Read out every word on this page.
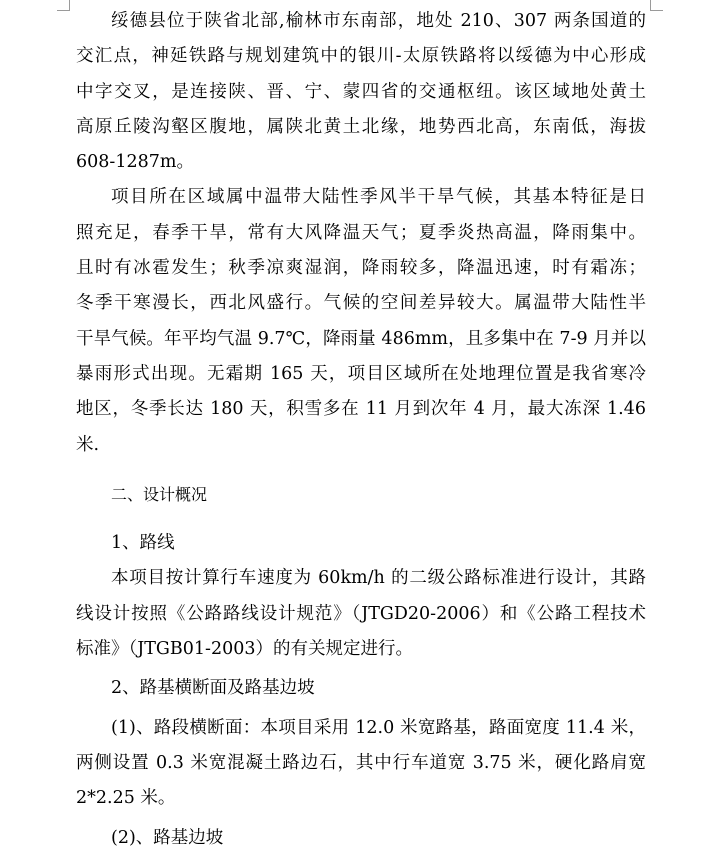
绥德县位于陕省北部,榆林市东南部，地处 210、307 两条国道的
交汇点，神延铁路与规划建筑中的银川-太原铁路将以绥德为中心形成
中字交叉，是连接陕、晋、宁、蒙四省的交通枢纽。该区域地处黄土
高原丘陵沟壑区腹地，属陕北黄土北缘，地势西北高，东南低，海拔
608-1287m。
项目所在区域属中温带大陆性季风半干旱气候，其基本特征是日
照充足，春季干旱，常有大风降温天气；夏季炎热高温，降雨集中。
且时有冰雹发生；秋季凉爽湿润，降雨较多，降温迅速，时有霜冻；
冬季干寒漫长，西北风盛行。气候的空间差异较大。属温带大陆性半
干旱气候。年平均气温 9.7℃，降雨量 486mm，且多集中在 7-9 月并以
暴雨形式出现。无霜期 165 天，项目区域所在处地理位置是我省寒冷
地区，冬季长达 180 天，积雪多在 11 月到次年 4 月，最大冻深 1.46
米.
二、设计概况
1、路线
本项目按计算行车速度为 60km/h 的二级公路标准进行设计，其路
线设计按照《公路路线设计规范》（JTGD20-2006）和《公路工程技术
标准》（JTGB01-2003）的有关规定进行。
2、路基横断面及路基边坡
(1)、路段横断面：本项目采用 12.0 米宽路基，路面宽度 11.4 米，
两侧设置 0.3 米宽混凝土路边石，其中行车道宽 3.75 米，硬化路肩宽
2*2.25 米。
(2)、路基边坡
